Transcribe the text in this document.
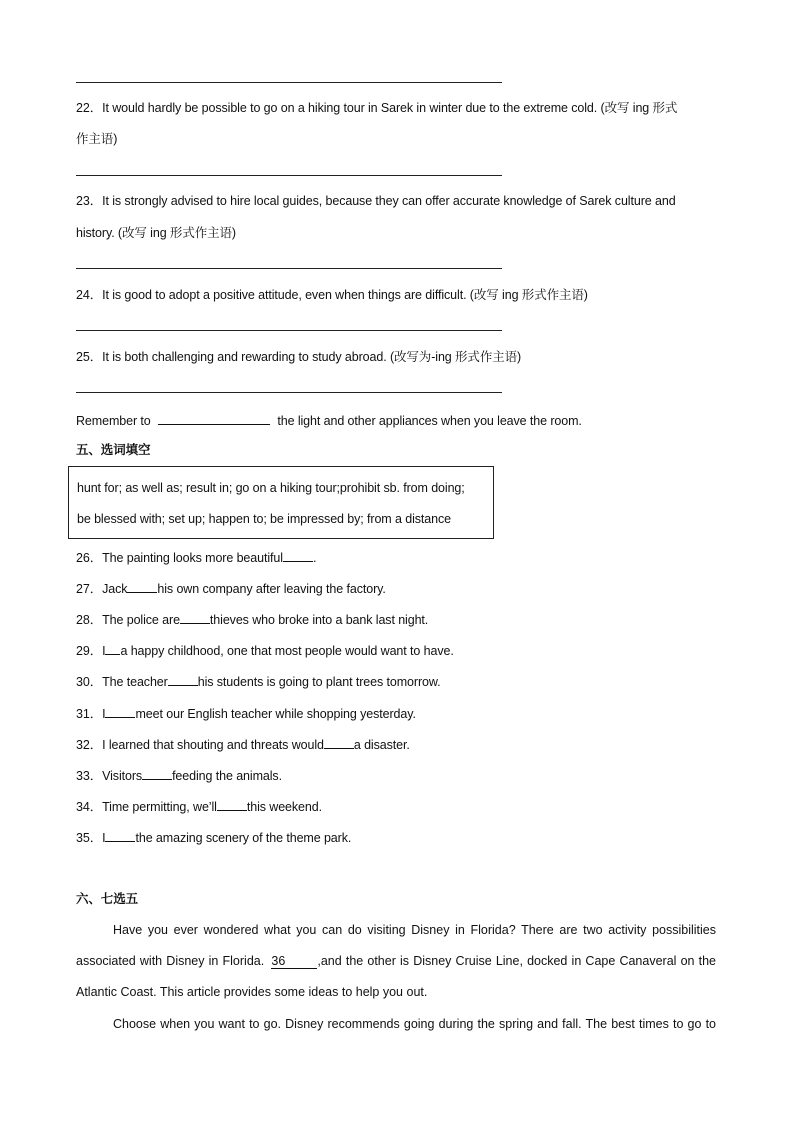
22．It would hardly be possible to go on a hiking tour in Sarek in winter due to the extreme cold. (改写 ing 形式
作主语)
23．It is strongly advised to hire local guides, because they can offer accurate knowledge of Sarek culture and
history. (改写 ing 形式作主语)
24．It is good to adopt a positive attitude, even when things are difficult. (改写 ing 形式作主语)
25．It is both challenging and rewarding to study abroad. (改写为-ing 形式作主语)
Remember to	the light and other appliances when you leave the room.
五、选词填空
hunt for; as well as; result in; go on a hiking tour;prohibit sb. from doing;
be blessed with; set up; happen to; be impressed by; from a distance
26．The painting looks more beautiful .
27．Jack his own company after leaving the factory.
28．The police are thieves who broke into a bank last night.
29．I a happy childhood, one that most people would want to have.
30．The teacher his students is going to plant trees tomorrow.
31．I meet our English teacher while shopping yesterday.
32．I learned that shouting and threats would a disaster.
33．Visitors feeding the animals.
34．Time permitting, we’ll this weekend.
35．I the amazing scenery of the theme park.
六、七选五
Have you ever wondered what you can do visiting Disney in Florida? There are two activity possibilities
associated with Disney in Florida. 36	,and the other is Disney Cruise Line, docked in Cape Canaveral on the
Atlantic Coast. This article provides some ideas to help you out.
Choose when you want to go. Disney recommends going during the spring and fall. The best times to go to
